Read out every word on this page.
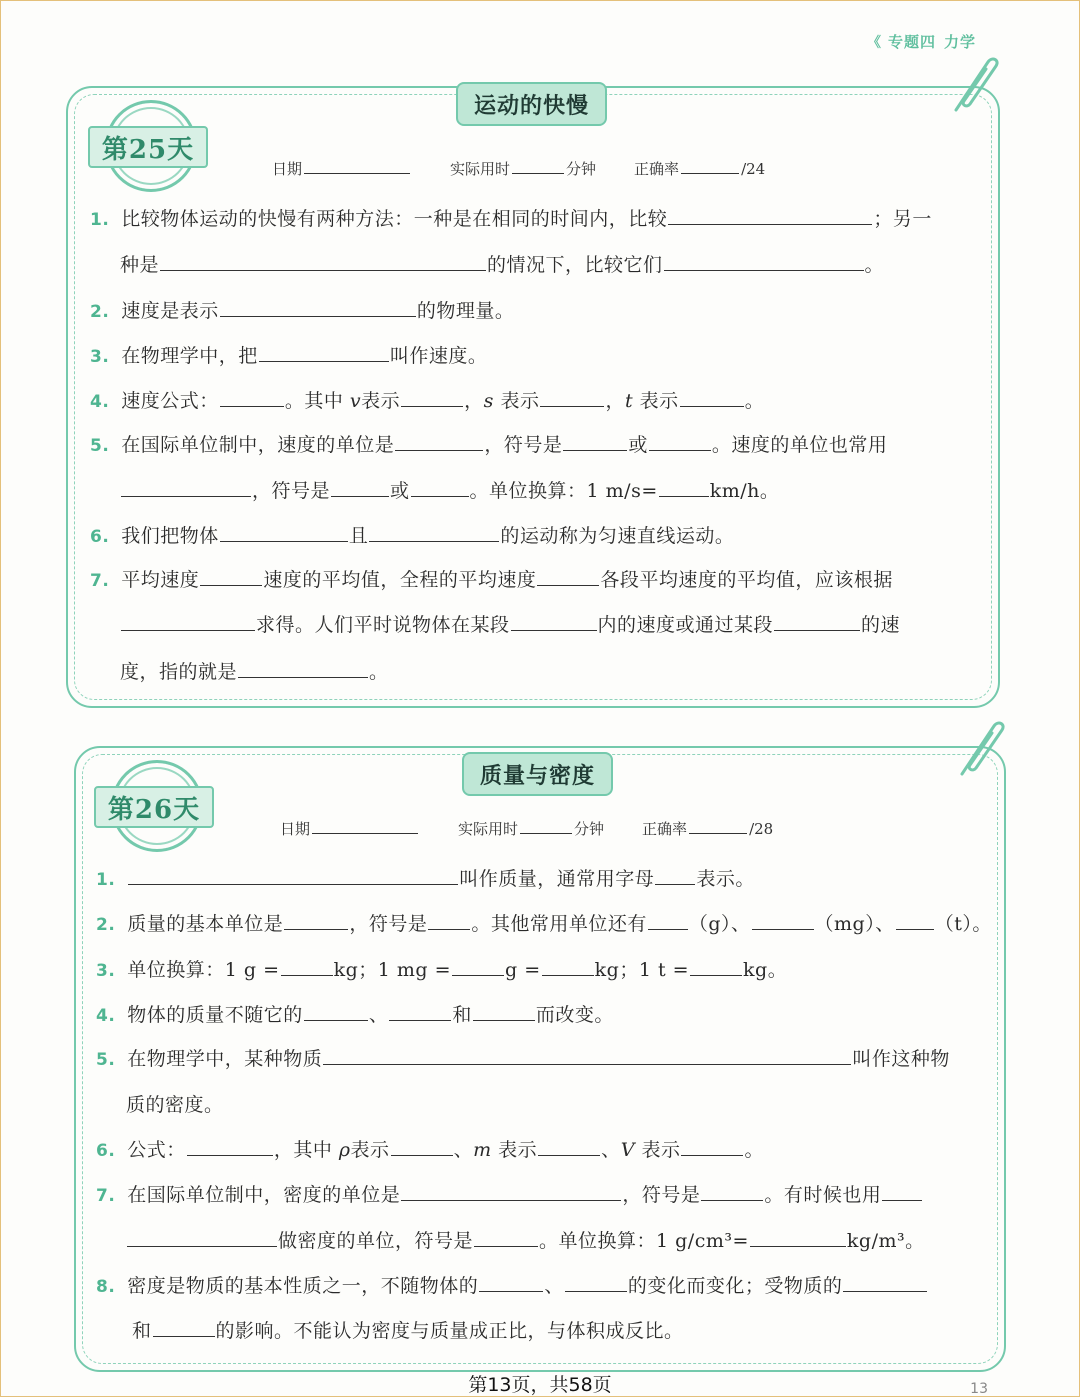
《 专题四 力学
运动的快慢
第25天
日期	实际用时	分钟	正确率	/24
1. 比较物体运动的快慢有两种方法：一种是在相同的时间内，比较	；另一
种是	的情况下，比较它们	。
2. 速度是表示	的物理量。
3. 在物理学中，把	叫作速度。
4. 速度公式：	。其中 v表示	，s 表示	，t 表示	。
5. 在国际单位制中，速度的单位是	，符号是	或	。速度的单位也常用
，符号是	或	。单位换算：1 m/s=	km/h。
6. 我们把物体	且	的运动称为匀速直线运动。
7. 平均速度	速度的平均值，全程的平均速度	各段平均速度的平均值，应该根据
求得。人们平时说物体在某段	内的速度或通过某段	的速
度，指的就是	。
质量与密度
第26天
日期	实际用时	分钟	正确率	/28
1.	叫作质量，通常用字母 表示。
2. 质量的基本单位是	，符号是 。其他常用单位还有 （g）、	（mg）、 （t）。
3. 单位换算：1 g =	kg；1 mg =	g =	kg；1 t =	kg。
4. 物体的质量不随它的	、	和	而改变。
5. 在物理学中，某种物质	叫作这种物
质的密度。
6. 公式：	，其中 ρ表示	、m 表示	、V 表示	。
7. 在国际单位制中，密度的单位是	，符号是	。有时候也用
做密度的单位，符号是	。单位换算：1 g/cm³=	kg/m³。
8. 密度是物质的基本性质之一，不随物体的	、	的变化而变化；受物质的
和	的影响。不能认为密度与质量成正比，与体积成反比。
第13页，共58页	13
